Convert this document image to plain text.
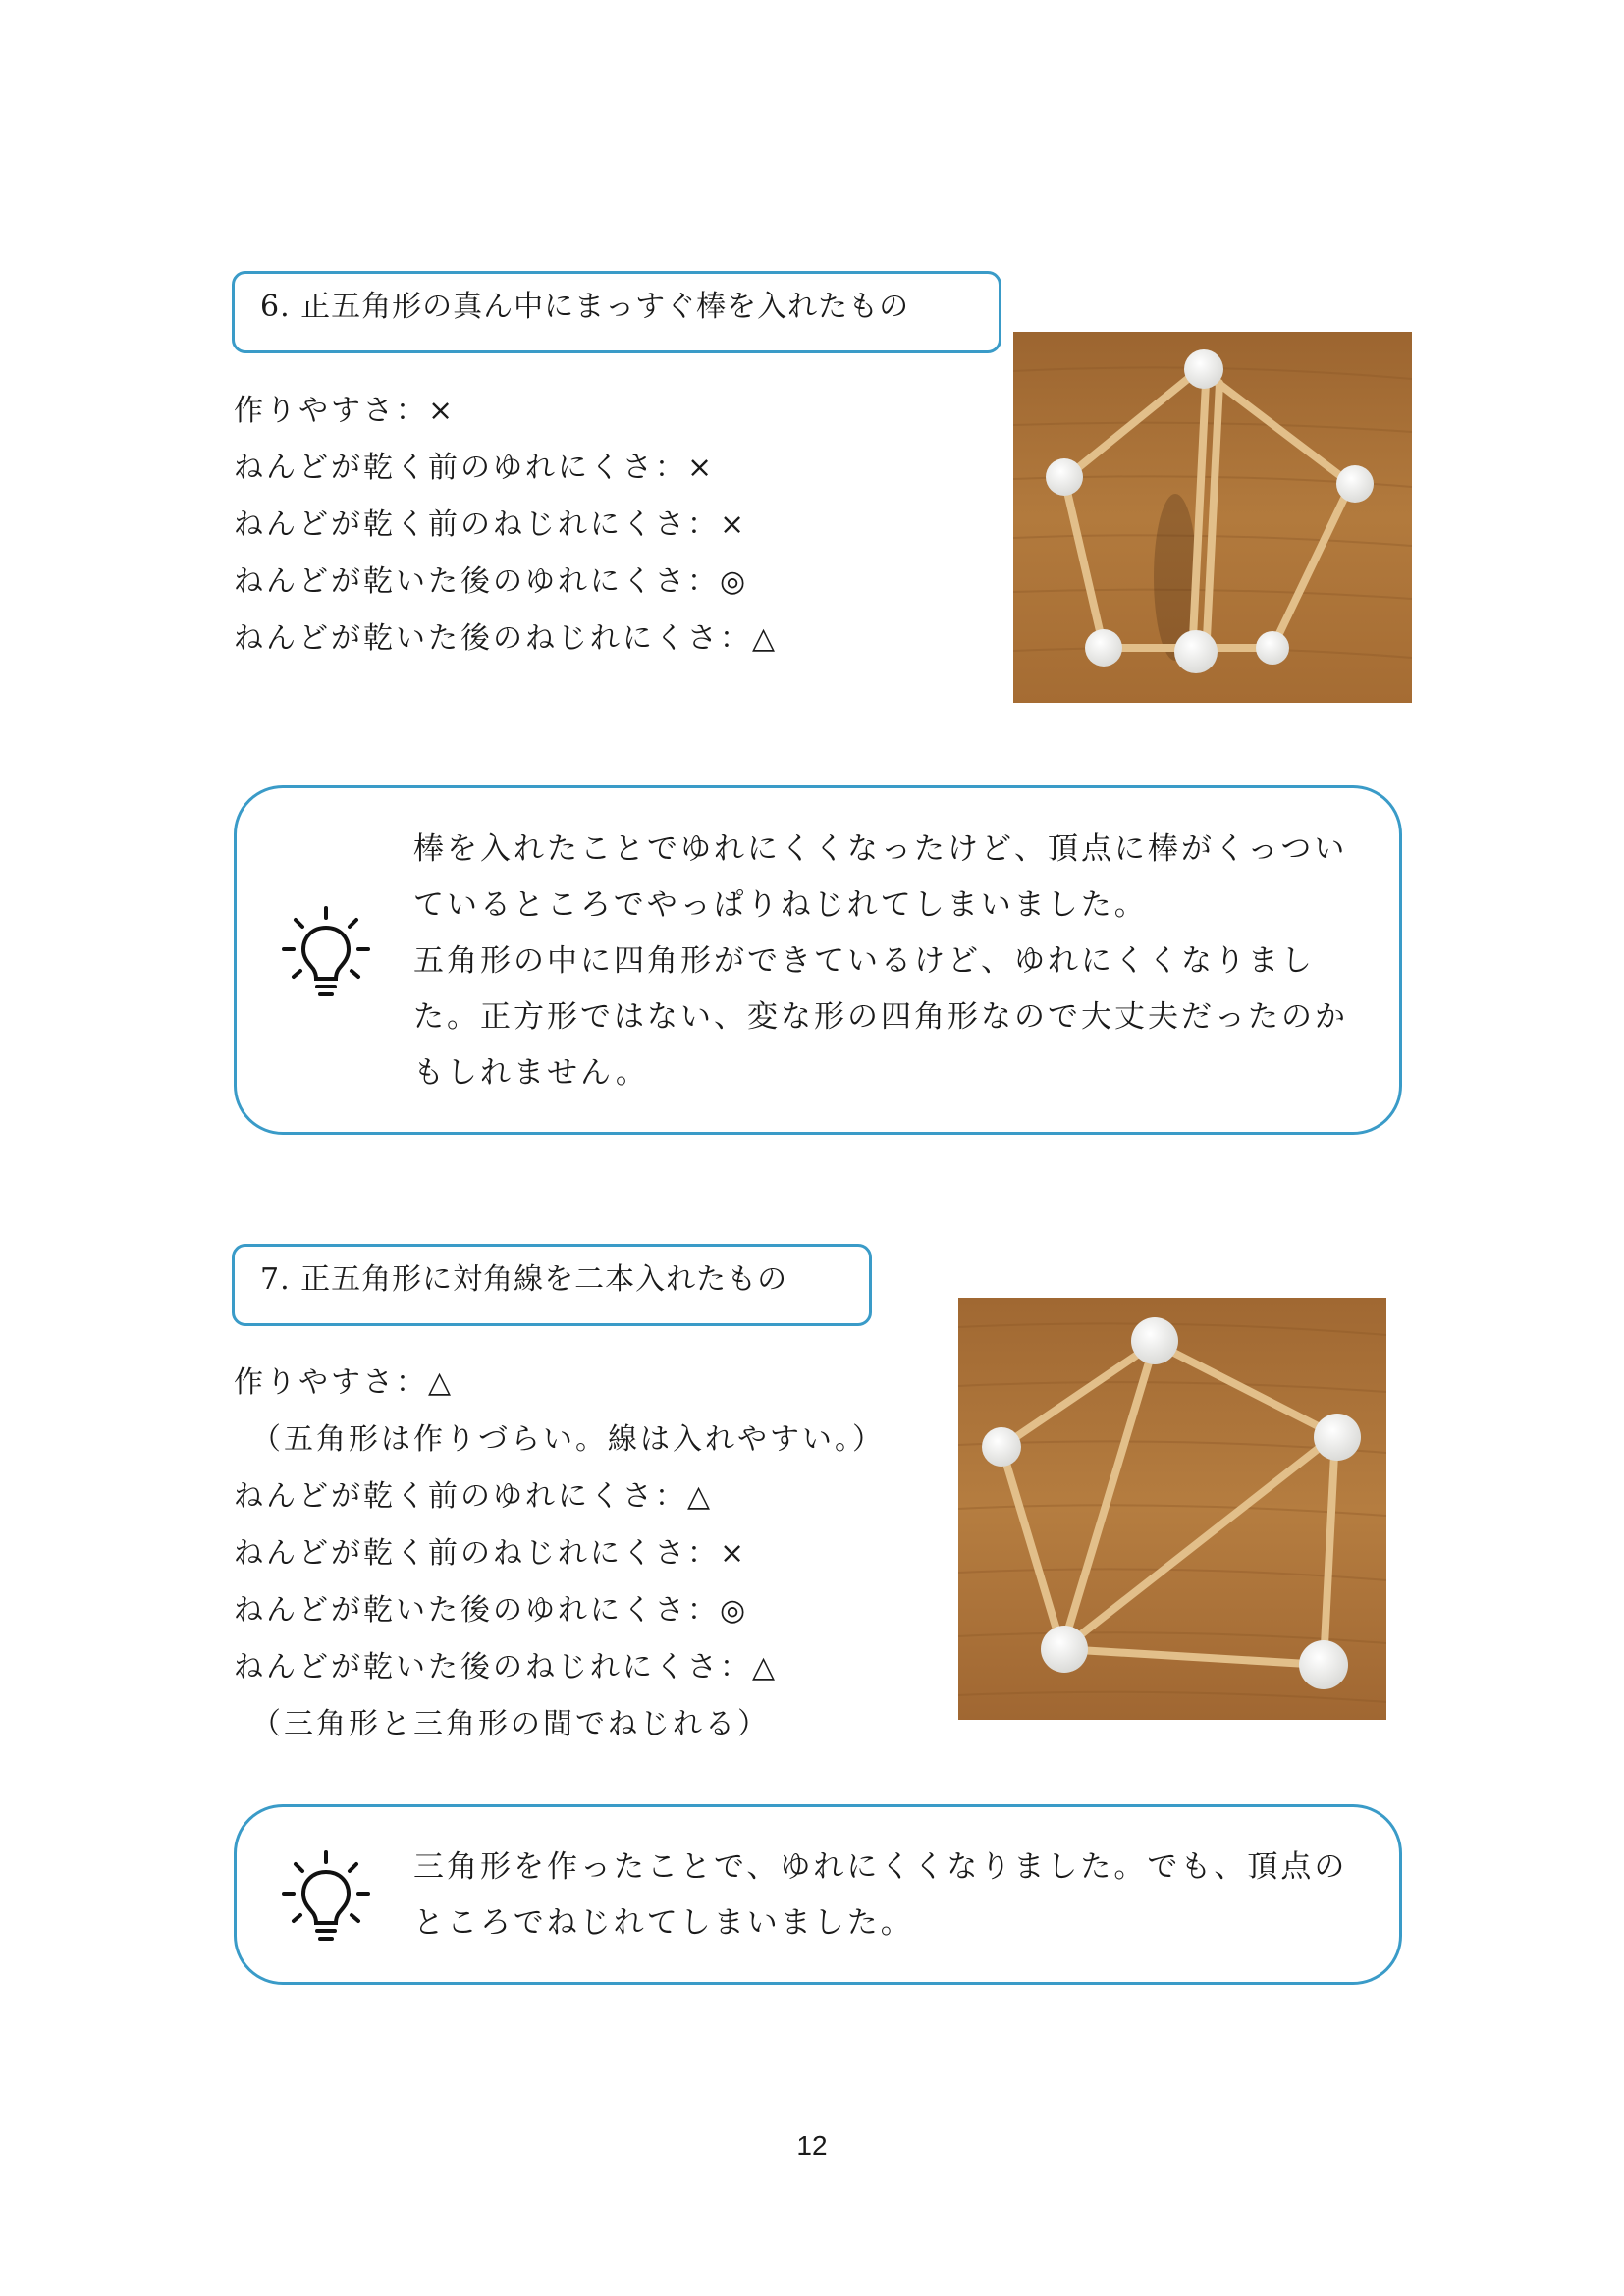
6. 正五角形の真ん中にまっすぐ棒を入れたもの
作りやすさ：×
ねんどが乾く前のゆれにくさ：×
ねんどが乾く前のねじれにくさ：×
ねんどが乾いた後のゆれにくさ：◎
ねんどが乾いた後のねじれにくさ：△
棒を入れたことでゆれにくくなったけど、頂点に棒がくっつい
ているところでやっぱりねじれてしまいました。
五角形の中に四角形ができているけど、ゆれにくくなりまし
た。正方形ではない、変な形の四角形なので大丈夫だったのか
もしれません。
7. 正五角形に対角線を二本入れたもの
作りやすさ：△
（五角形は作りづらい。線は入れやすい。）
ねんどが乾く前のゆれにくさ：△
ねんどが乾く前のねじれにくさ：×
ねんどが乾いた後のゆれにくさ：◎
ねんどが乾いた後のねじれにくさ：△
（三角形と三角形の間でねじれる）
三角形を作ったことで、ゆれにくくなりました。でも、頂点の
ところでねじれてしまいました。
12
